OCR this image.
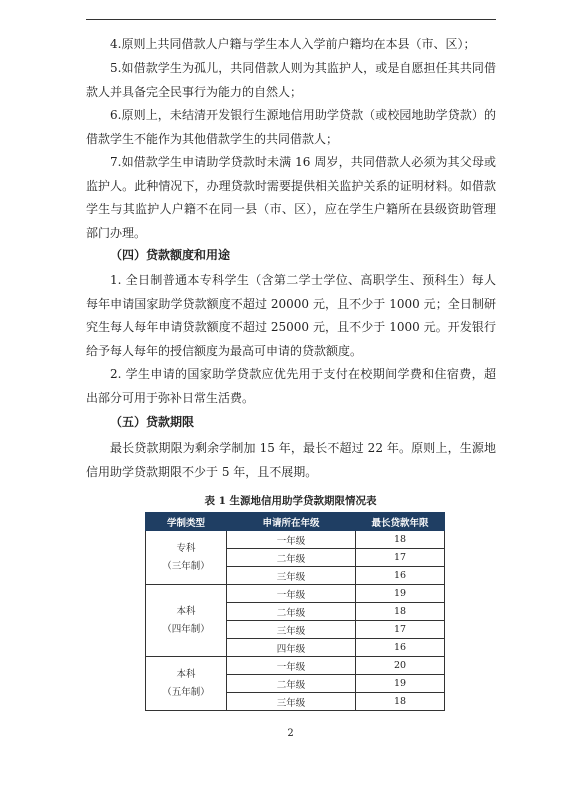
4.原则上共同借款人户籍与学生本人入学前户籍均在本县（市、区）；

5.如借款学生为孤儿，共同借款人则为其监护人，或是自愿担任其共同借款人并具备完全民事行为能力的自然人；

6.原则上，未结清开发银行生源地信用助学贷款（或校园地助学贷款）的借款学生不能作为其他借款学生的共同借款人；

7.如借款学生申请助学贷款时未满 16 周岁，共同借款人必须为其父母或监护人。此种情况下，办理贷款时需要提供相关监护关系的证明材料。如借款学生与其监护人户籍不在同一县（市、区），应在学生户籍所在县级资助管理部门办理。

（四）贷款额度和用途

1. 全日制普通本专科学生（含第二学士学位、高职学生、预科生）每人每年申请国家助学贷款额度不超过 20000 元，且不少于 1000 元；全日制研究生每人每年申请贷款额度不超过 25000 元，且不少于 1000 元。开发银行给予每人每年的授信额度为最高可申请的贷款额度。

2. 学生申请的国家助学贷款应优先用于支付在校期间学费和住宿费，超出部分可用于弥补日常生活费。

（五）贷款期限

最长贷款期限为剩余学制加 15 年，最长不超过 22 年。原则上，生源地信用助学贷款期限不少于 5 年，且不展期。

表 1 生源地信用助学贷款期限情况表
学制类型	申请所在年级	最长贷款年限

专科
（三年制）	一年级	18
	二年级	17
	三年级	16

本科
（四年制）	一年级	19
	二年级	18
	三年级	17
	四年级	16

本科
（五年制）	一年级	20
	二年级	19
	三年级	18
2
